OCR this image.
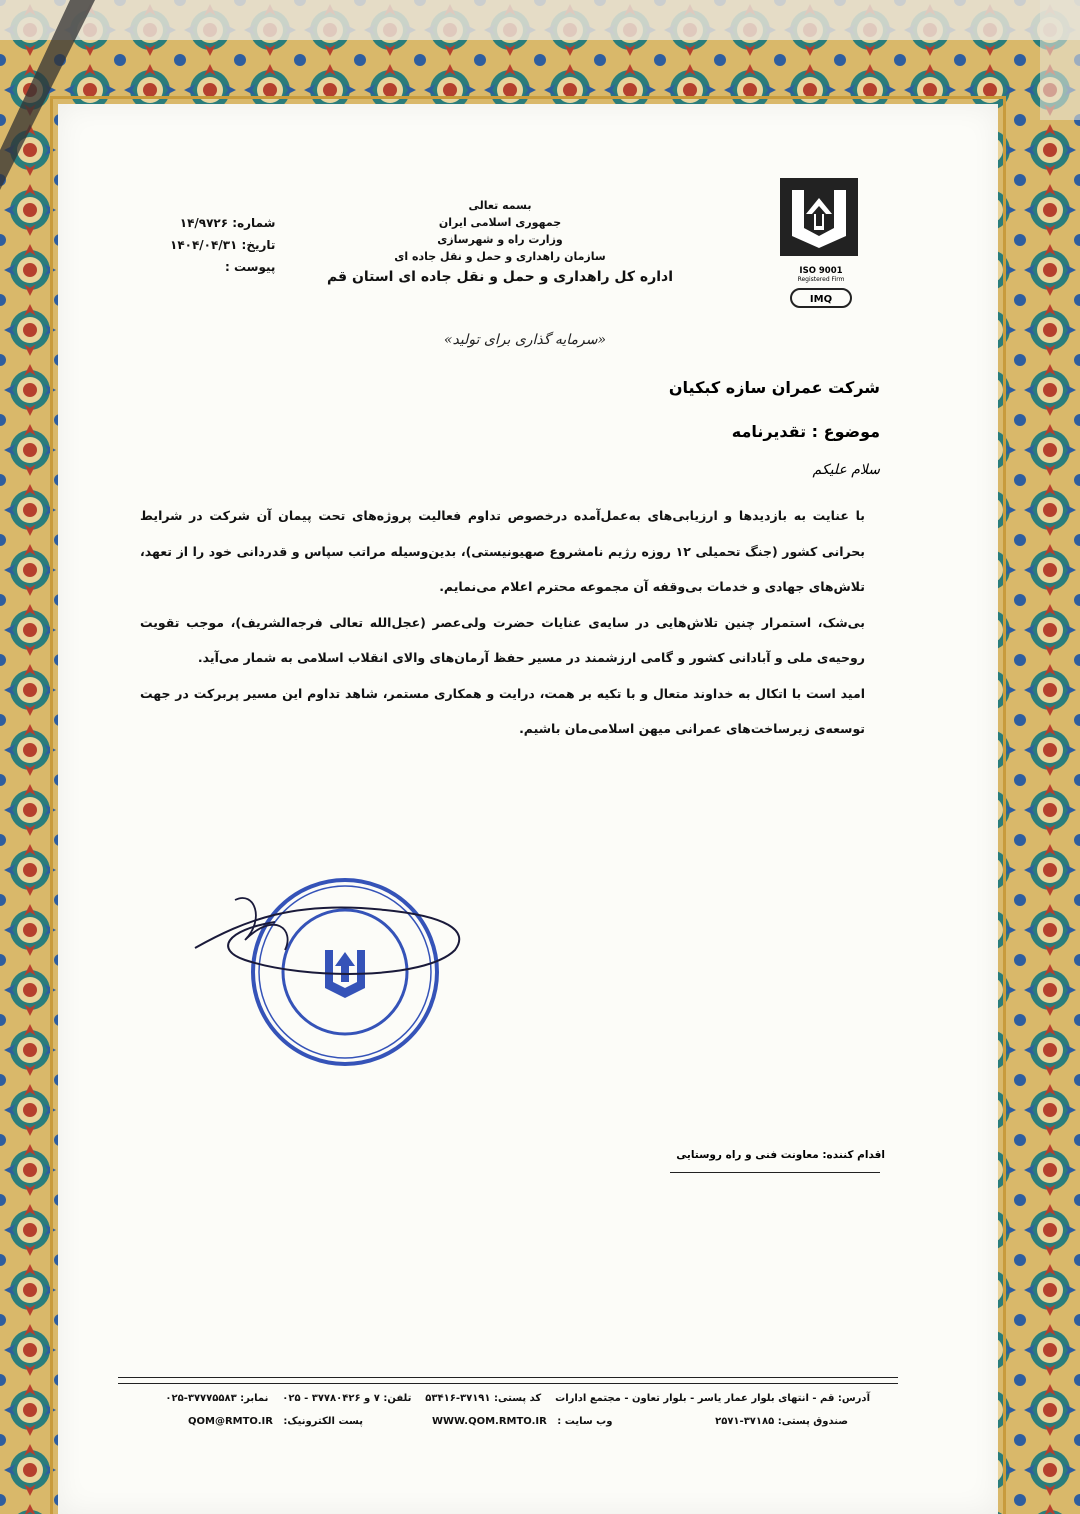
ISO 9001
Registered Firm
IMQ
بسمه تعالی
جمهوری اسلامی ایران
وزارت راه و شهرسازی
سازمان راهداری و حمل و نقل جاده ای
اداره کل راهداری و حمل و نقل جاده ای استان قم
شماره: ۱۴/۹۷۲۶
تاریخ: ۱۴۰۴/۰۴/۳۱
پیوست :
«سرمایه گذاری برای تولید»
شرکت عمران سازه کبکیان
موضوع : تقدیرنامه
سلام علیکم

با عنایت به بازدیدها و ارزیابی‌های به‌عمل‌آمده درخصوص تداوم فعالیت پروژه‌های تحت پیمان آن شرکت در شرایط بحرانی کشور (جنگ تحمیلی ۱۲ روزه رژیم نامشروع صهیونیستی)، بدین‌وسیله مراتب سپاس و قدردانی خود را از تعهد، تلاش‌های جهادی و خدمات بی‌وقفه آن مجموعه محترم اعلام می‌نمایم.

بی‌شک، استمرار چنین تلاش‌هایی در سایه‌ی عنایات حضرت ولی‌عصر (عجل‌الله تعالی فرجه‌الشریف)، موجب تقویت روحیه‌ی ملی و آبادانی کشور و گامی ارزشمند در مسیر حفظ آرمان‌های والای انقلاب اسلامی به شمار می‌آید.

امید است با اتکال به خداوند متعال و با تکیه بر همت، درایت و همکاری مستمر، شاهد تداوم این مسیر پربرکت در جهت توسعه‌ی زیرساخت‌های عمرانی میهن اسلامی‌مان باشیم.

اقدام کننده: معاونت فنی و راه روستایی
آدرس: قم - انتهای بلوار عمار یاسر - بلوار تعاون - مجتمع ادارات    کد پستی: ۳۷۱۹۱-۵۳۴۱۶    تلفن: ۷ و ۳۷۷۸۰۴۲۶ - ۰۲۵    نمابر: ۳۷۷۷۵۵۸۳-۰۲۵
صندوق پستی: ۳۷۱۸۵-۲۵۷۱
WWW.QOM.RMTO.IR وب سایت :
QOM@RMTO.IR پست الکترونیک:
